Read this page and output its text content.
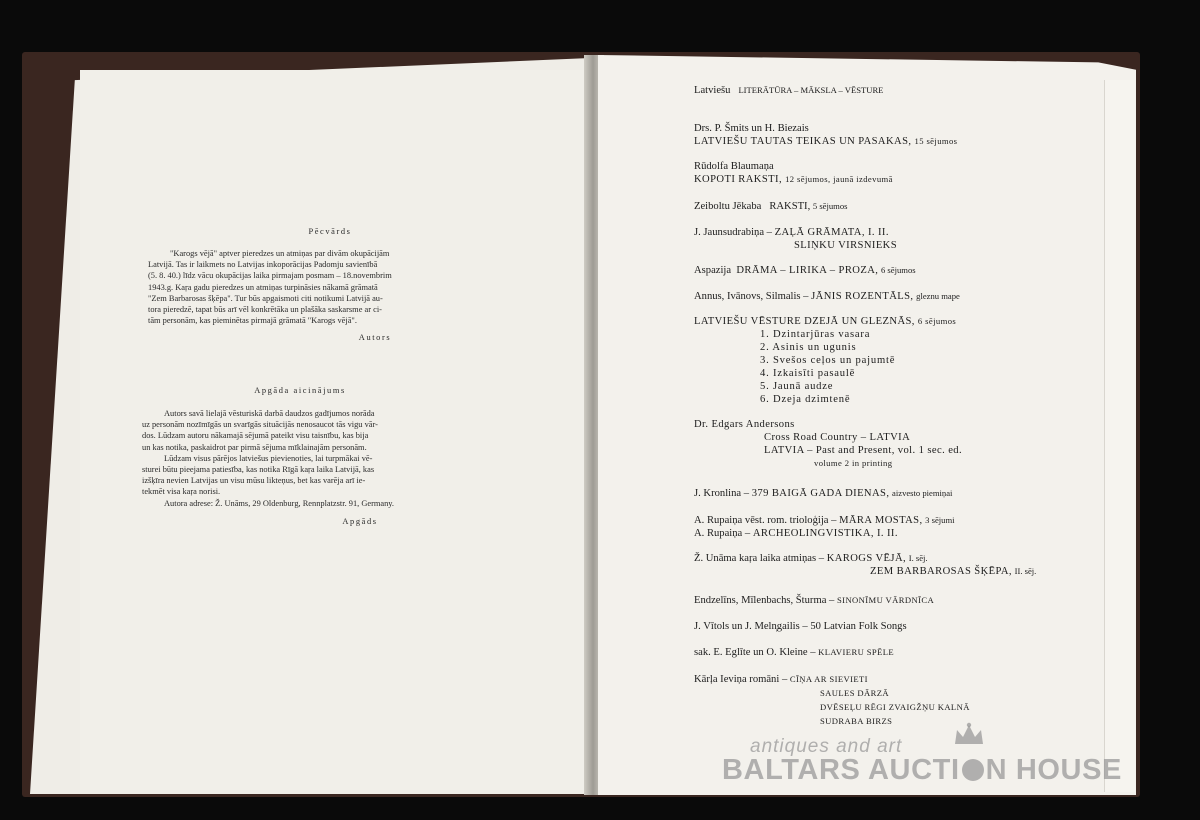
Pēcvārds

"Karogs vējā" aptver pieredzes un atmiņas par divām okupācijām

Latvijā. Tas ir laikmets no Latvijas inkoporācijas Padomju savienībā
(5. 8. 40.) līdz vācu okupācijas laika pirmajam posmam – 18.novembrim
1943.g. Kaŗa gadu pieredzes un atmiņas turpināsies nākamā grāmatā
"Zem Barbarosas šķēpa". Tur būs apgaismoti citi notikumi Latvijā au-
tora pieredzē, tapat būs arī vēl konkrētāka un plašāka saskarsme ar ci-
tām personām, kas pieminētas pirmajā grāmatā "Karogs vējā".
Autors
Apgāda aicinājums

Autors savā lielajā vēsturiskā darbā daudzos gadījumos norāda

uz personām nozīmīgās un svarīgās situācijās nenosaucot tās vigu vār-
dos. Lūdzam autoru nākamajā sējumā pateikt visu taisnību, kas bija
un kas notika, paskaidrot par pirmā sējuma mīklainajām personām.

Lūdzam visus pārējos latviešus pievienoties, lai turpmākai vē-

sturei būtu pieejama patiesība, kas notika Rīgā kaŗa laika Latvijā, kas
izšķīra nevien Latvijas un visu mūsu likteņus, bet kas varēja arī ie-
tekmēt visa kaŗa norisi.

Autora adrese: Ž. Unāms, 29 Oldenburg, Rennplatzstr. 91, Germany.

Apgāds
Latviešu LITERĀTŪRA – MĀKSLA – VĒSTURE
Drs. P. Šmits un H. Biezais
LATVIEŠU TAUTAS TEIKAS UN PASAKAS, 15 sējumos
Rūdolfa Blaumaņa
KOPOTI RAKSTI, 12 sējumos, jaunā izdevumā
Zeiboltu Jēkaba RAKSTI, 5 sējumos
J. Jaunsudrabiņa – ZAĻĀ GRĀMATA, I. II.
SLIŅKU VIRSNIEKS
Aspazija DRĀMA – LIRIKA – PROZA, 6 sējumos
Annus, Ivānovs, Silmalis – JĀNIS ROZENTĀLS, gleznu mape
LATVIEŠU VĒSTURE DZEJĀ UN GLEZNĀS, 6 sējumos
1. Dzintarjūras vasara
2. Asinis un ugunis
3. Svešos ceļos un pajumtē
4. Izkaisīti pasaulē
5. Jaunā audze
6. Dzeja dzimtenē
Dr. Edgars Andersons
Cross Road Country – LATVIA
LATVIA – Past and Present, vol. 1 sec. ed.
volume 2 in printing
J. Kronlina – 379 BAIGĀ GADA DIENAS, aizvesto piemiņai
A. Rupaiņa vēst. rom. trioloģija – MĀRA MOSTAS, 3 sējumi
A. Rupaiņa – ARCHEOLINGVISTIKA, I. II.
Ž. Unāma kaŗa laika atmiņas – KAROGS VĒJĀ, I. sēj.
ZEM BARBAROSAS ŠĶĒPA, II. sēj.
Endzelīns, Mīlenbachs, Šturma – SINONĪMU VĀRDNĪCA
J. Vītols un J. Meln̦gailis – 50 Latvian Folk Songs
sak. E. Eglīte un O. Kleine – KLAVIERU SPĒLE
Kārļa Ieviņa romāni – CĪŅA AR SIEVIETI
SAULES DĀRZĀ
DVĒSEĻU RĒGI ZVAIGŽŅU KALNĀ
SUDRABA BIRZS
antiques and art
BALTARS AUCTI N HOUSE
